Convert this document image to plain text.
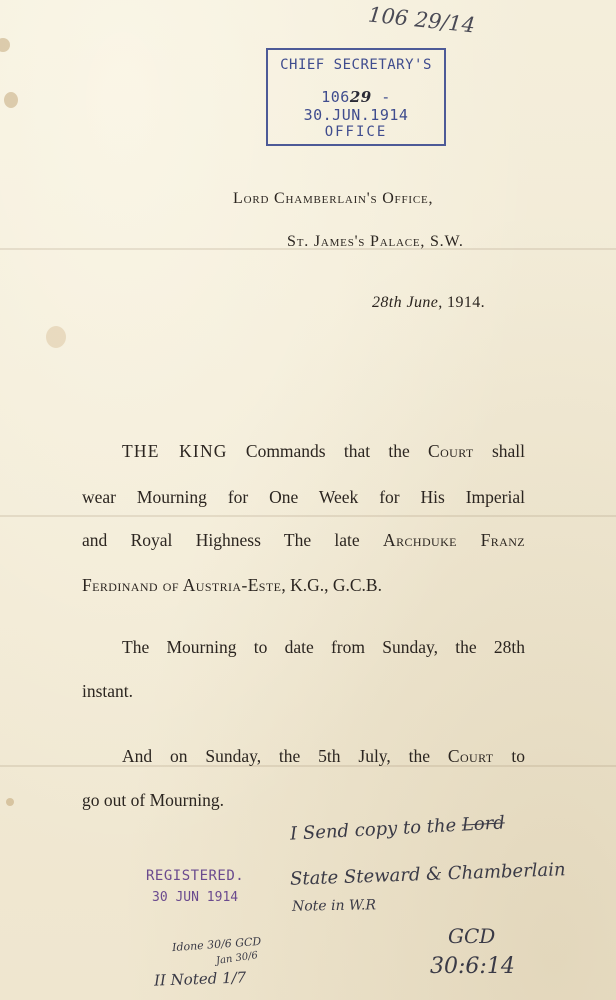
106 29/14

CHIEF SECRETARY'S
10629 - 30.JUN.1914
OFFICE

Lord Chamberlain's Office,

St. James's Palace, S.W.

28th June, 1914.

THE KING Commands that the Court shall

wear Mourning for One Week for His Imperial

and Royal Highness The late Archduke Franz

Ferdinand of Austria-Este, K.G., G.C.B.

The Mourning to date from Sunday, the 28th

instant.

And on Sunday, the 5th July, the Court to

go out of Mourning.

I Send copy to the Lord

State Steward & Chamberlain

Note in W.R

REGISTERED.
30 JUN 1914

GCD

30:6:14

Idone 30/6 GCD

Jan 30/6

II Noted 1/7
